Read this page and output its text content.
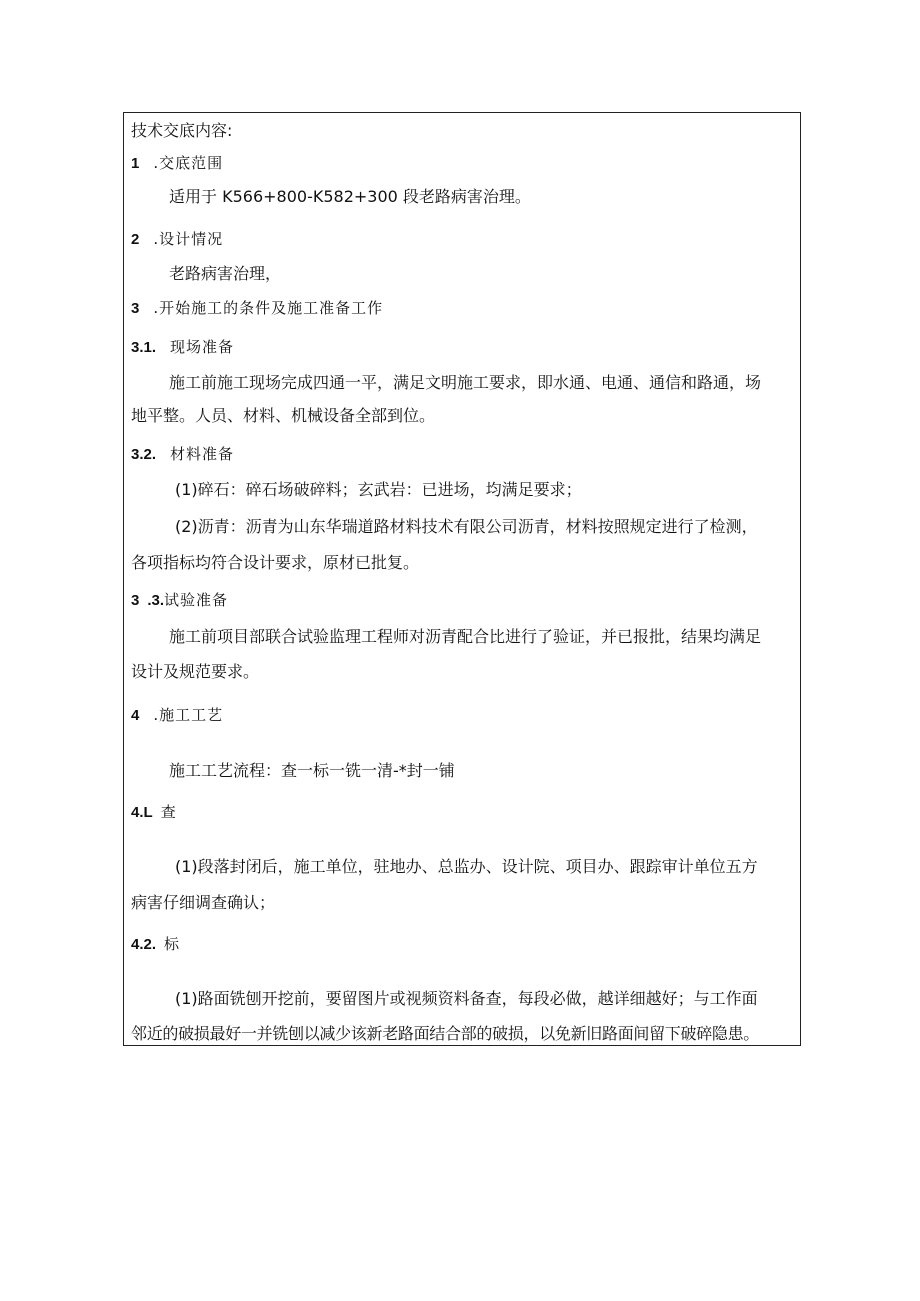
技术交底内容:
1 .交底范围
适用于 K566+800-K582+300 段老路病害治理。
2 .设计情况
老路病害治理，
3 .开始施工的条件及施工准备工作
3.1. 现场准备
施工前施工现场完成四通一平，满足文明施工要求，即水通、电通、通信和路通，场
地平整。人员、材料、机械设备全部到位。
3.2. 材料准备
(1)碎石：碎石场破碎料；玄武岩：已进场，均满足要求；
(2)沥青：沥青为山东华瑞道路材料技术有限公司沥青，材料按照规定进行了检测，
各项指标均符合设计要求，原材已批复。
3 .3.试验准备
施工前项目部联合试验监理工程师对沥青配合比进行了验证，并已报批，结果均满足
设计及规范要求。
4 .施工工艺
施工工艺流程：查一标一铣一清-*封一铺
4.L 查
(1)段落封闭后，施工单位，驻地办、总监办、设计院、项目办、跟踪审计单位五方
病害仔细调查确认；
4.2. 标
(1)路面铣刨开挖前，要留图片或视频资料备查，每段必做，越详细越好；与工作面
邻近的破损最好一并铣刨以减少该新老路面结合部的破损，以免新旧路面间留下破碎隐患。
